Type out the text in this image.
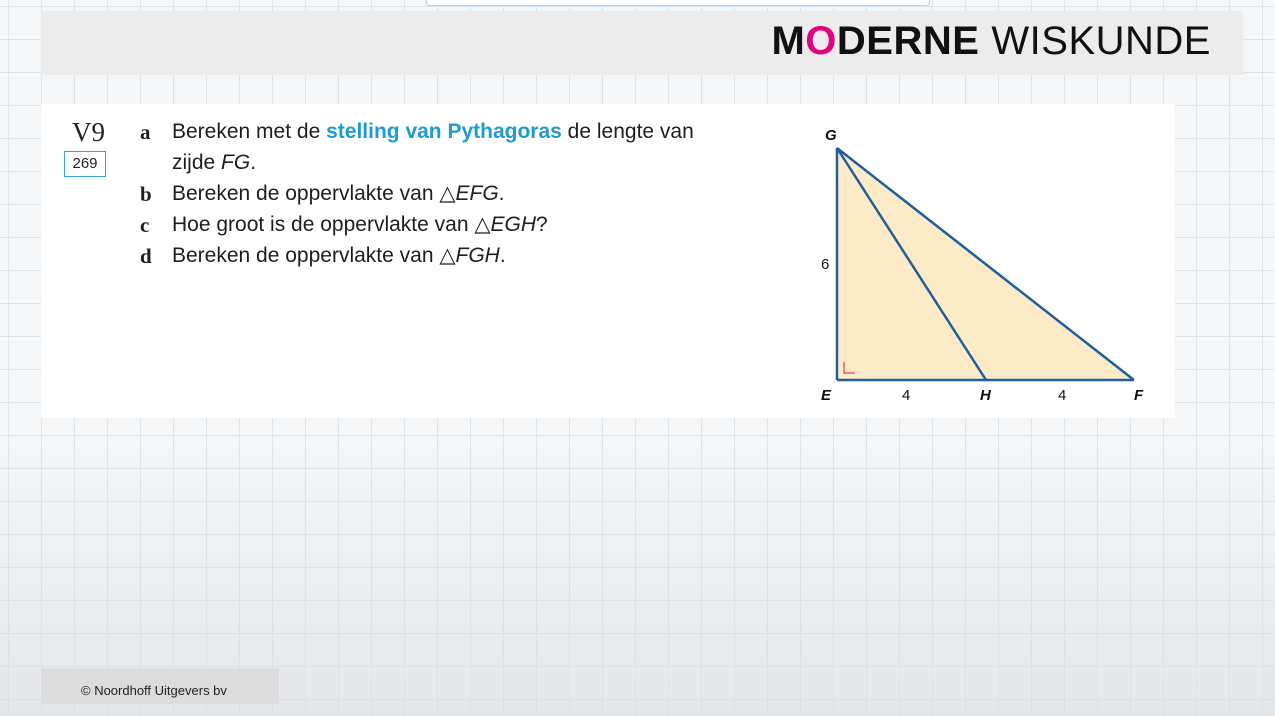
MODERNE WISKUNDE
V9
269
a Bereken met de stelling van Pythagoras de lengte van
zijde FG.
b Bereken de oppervlakte van △EFG.
c Hoe groot is de oppervlakte van △EGH?
d Bereken de oppervlakte van △FGH.
G
E	H	F
6
4	4
© Noordhoff Uitgevers bv
